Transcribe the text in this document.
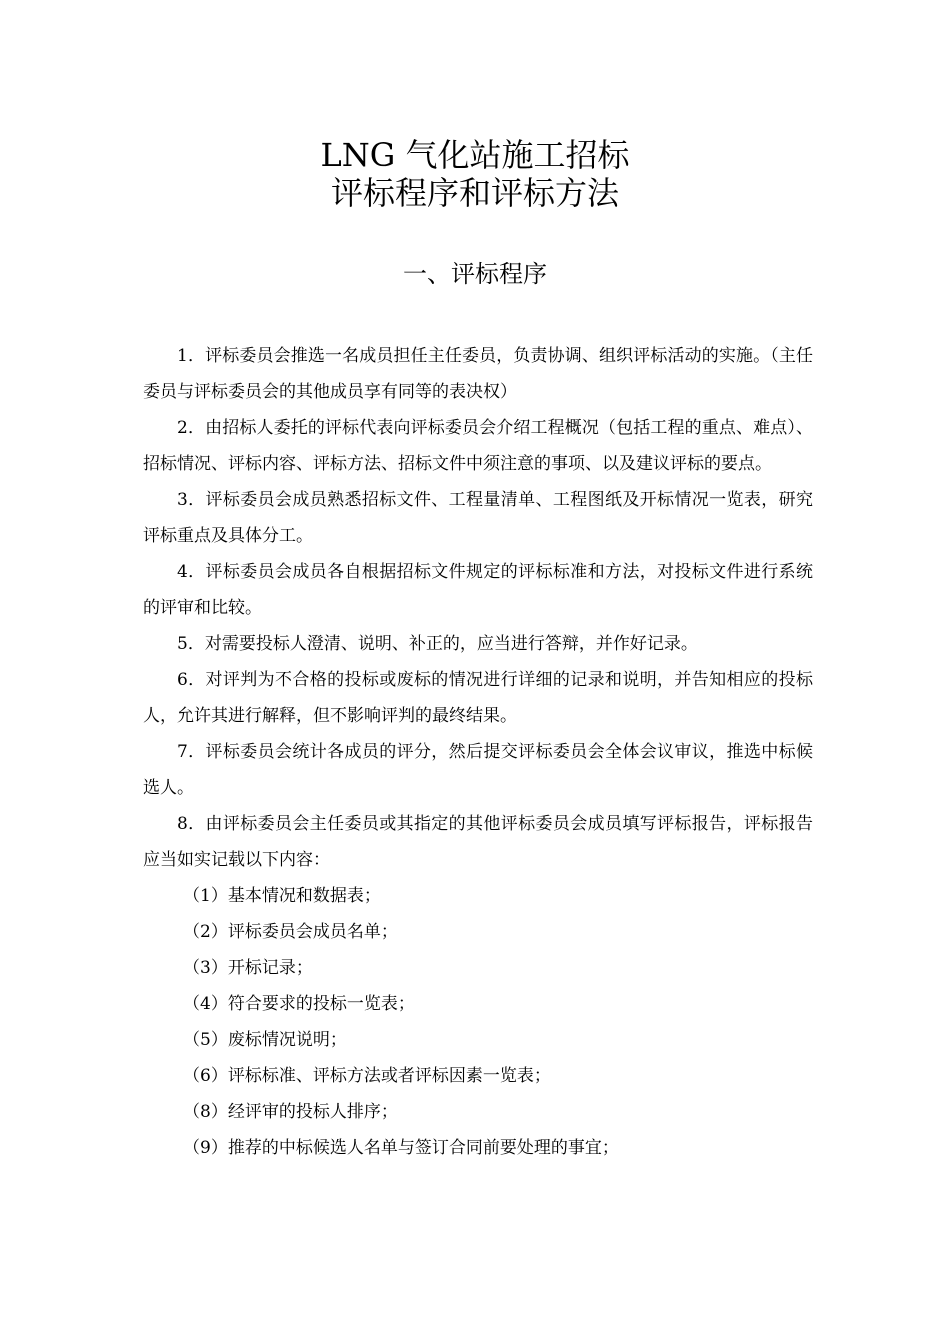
LNG 气化站施工招标
评标程序和评标方法
一、评标程序

1．评标委员会推选一名成员担任主任委员，负责协调、组织评标活动的实施。（主任委员与评标委员会的其他成员享有同等的表决权）

2．由招标人委托的评标代表向评标委员会介绍工程概况（包括工程的重点、难点）、招标情况、评标内容、评标方法、招标文件中须注意的事项、以及建议评标的要点。

3．评标委员会成员熟悉招标文件、工程量清单、工程图纸及开标情况一览表，研究评标重点及具体分工。

4．评标委员会成员各自根据招标文件规定的评标标准和方法，对投标文件进行系统的评审和比较。

5．对需要投标人澄清、说明、补正的，应当进行答辩，并作好记录。

6．对评判为不合格的投标或废标的情况进行详细的记录和说明，并告知相应的投标人，允许其进行解释，但不影响评判的最终结果。

7．评标委员会统计各成员的评分，然后提交评标委员会全体会议审议，推选中标候选人。

8．由评标委员会主任委员或其指定的其他评标委员会成员填写评标报告，评标报告应当如实记载以下内容：

（1）基本情况和数据表；

（2）评标委员会成员名单；

（3）开标记录；

（4）符合要求的投标一览表；

（5）废标情况说明；

（6）评标标准、评标方法或者评标因素一览表；

（8）经评审的投标人排序；

（9）推荐的中标候选人名单与签订合同前要处理的事宜；
